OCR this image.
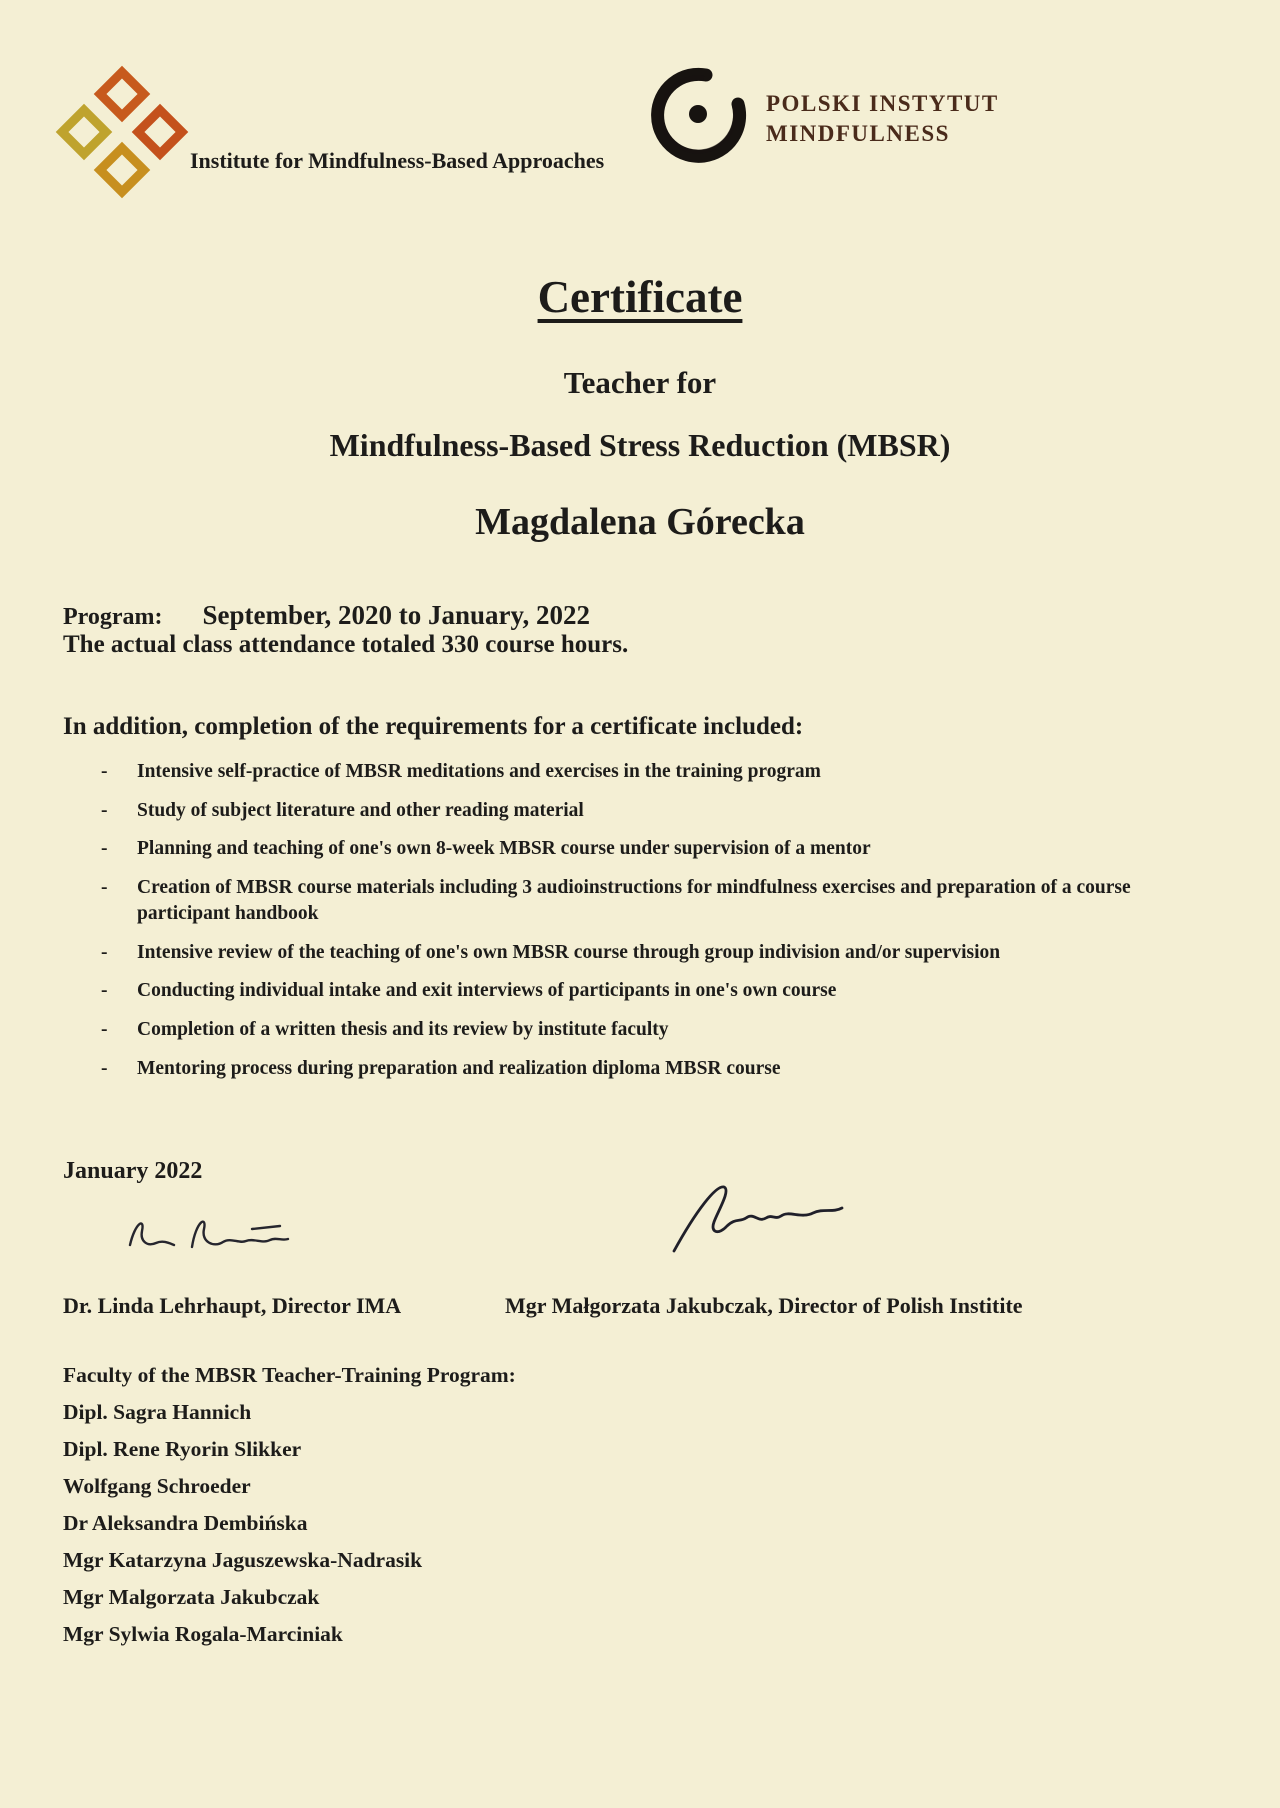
Institute for Mindfulness-Based Approaches
POLSKI INSTYTUT
MINDFULNESS
Certificate
Teacher for
Mindfulness-Based Stress Reduction (MBSR)
Magdalena Górecka

Program: September, 2020 to January, 2022

The actual class attendance totaled 330 course hours.

In addition, completion of the requirements for a certificate included:

-
Intensive self-practice of MBSR meditations and exercises in the training program
-
Study of subject literature and other reading material
-
Planning and teaching of one's own 8-week MBSR course under supervision of a mentor
-
Creation of MBSR course materials including 3 audioinstructions for mindfulness exercises and preparation of a course participant handbook
-
Intensive review of the teaching of one's own MBSR course through group indivision and/or supervision
-
Conducting individual intake and exit interviews of participants in one's own course
-
Completion of a written thesis and its review by institute faculty
-
Mentoring process during preparation and realization diploma MBSR course
January 2022
Dr. Linda Lehrhaupt, Director IMA	Mgr Małgorzata Jakubczak, Director of Polish Institite

Faculty of the MBSR Teacher-Training Program:

Dipl. Sagra Hannich
Dipl. Rene Ryorin Slikker
Wolfgang Schroeder
Dr Aleksandra Dembińska
Mgr Katarzyna Jaguszewska-Nadrasik
Mgr Malgorzata Jakubczak
Mgr Sylwia Rogala-Marciniak
